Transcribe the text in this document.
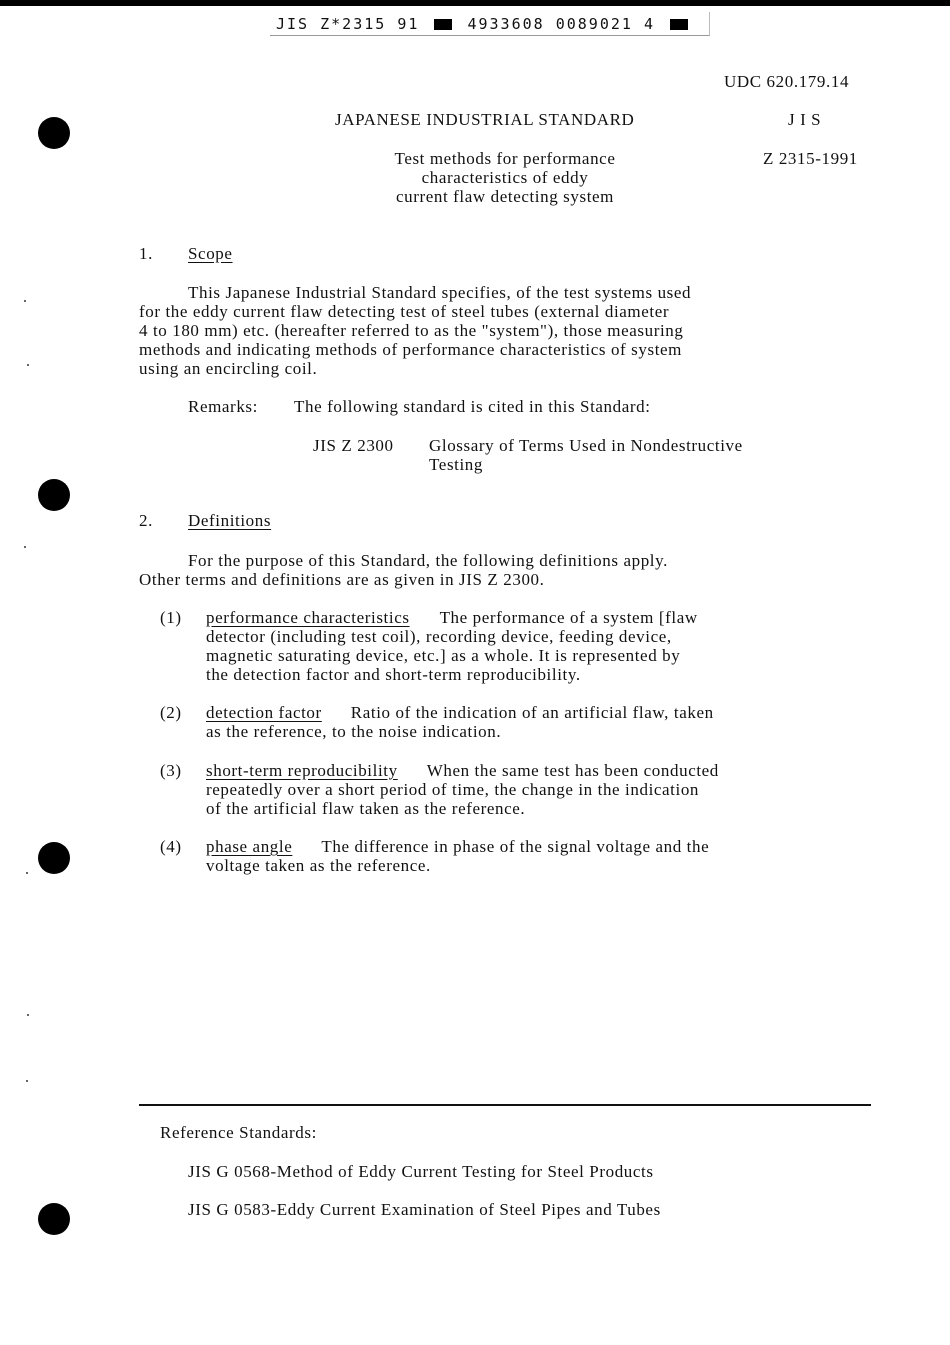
JIS Z*2315 91	4933608 0089021 4
UDC 620.179.14
JAPANESE INDUSTRIAL STANDARD	J I S
Z 2315-1991
Test methods for performance
characteristics of eddy
current flaw detecting system
1. Scope
This Japanese Industrial Standard specifies, of the test systems used
for the eddy current flaw detecting test of steel tubes (external diameter
4 to 180 mm) etc. (hereafter referred to as the "system"), those measuring
methods and indicating methods of performance characteristics of system
using an encircling coil.
Remarks: The following standard is cited in this Standard:
JIS Z 2300 Glossary of Terms Used in Nondestructive
Testing
2. Definitions
For the purpose of this Standard, the following definitions apply.
Other terms and definitions are as given in JIS Z 2300.
(1) performance characteristics The performance of a system [flaw
detector (including test coil), recording device, feeding device,
magnetic saturating device, etc.] as a whole. It is represented by
the detection factor and short-term reproducibility.
(2) detection factor Ratio of the indication of an artificial flaw, taken
as the reference, to the noise indication.
(3) short-term reproducibility When the same test has been conducted
repeatedly over a short period of time, the change in the indication
of the artificial flaw taken as the reference.
(4) phase angle The difference in phase of the signal voltage and the
voltage taken as the reference.
Reference Standards:
JIS G 0568-Method of Eddy Current Testing for Steel Products
JIS G 0583-Eddy Current Examination of Steel Pipes and Tubes
